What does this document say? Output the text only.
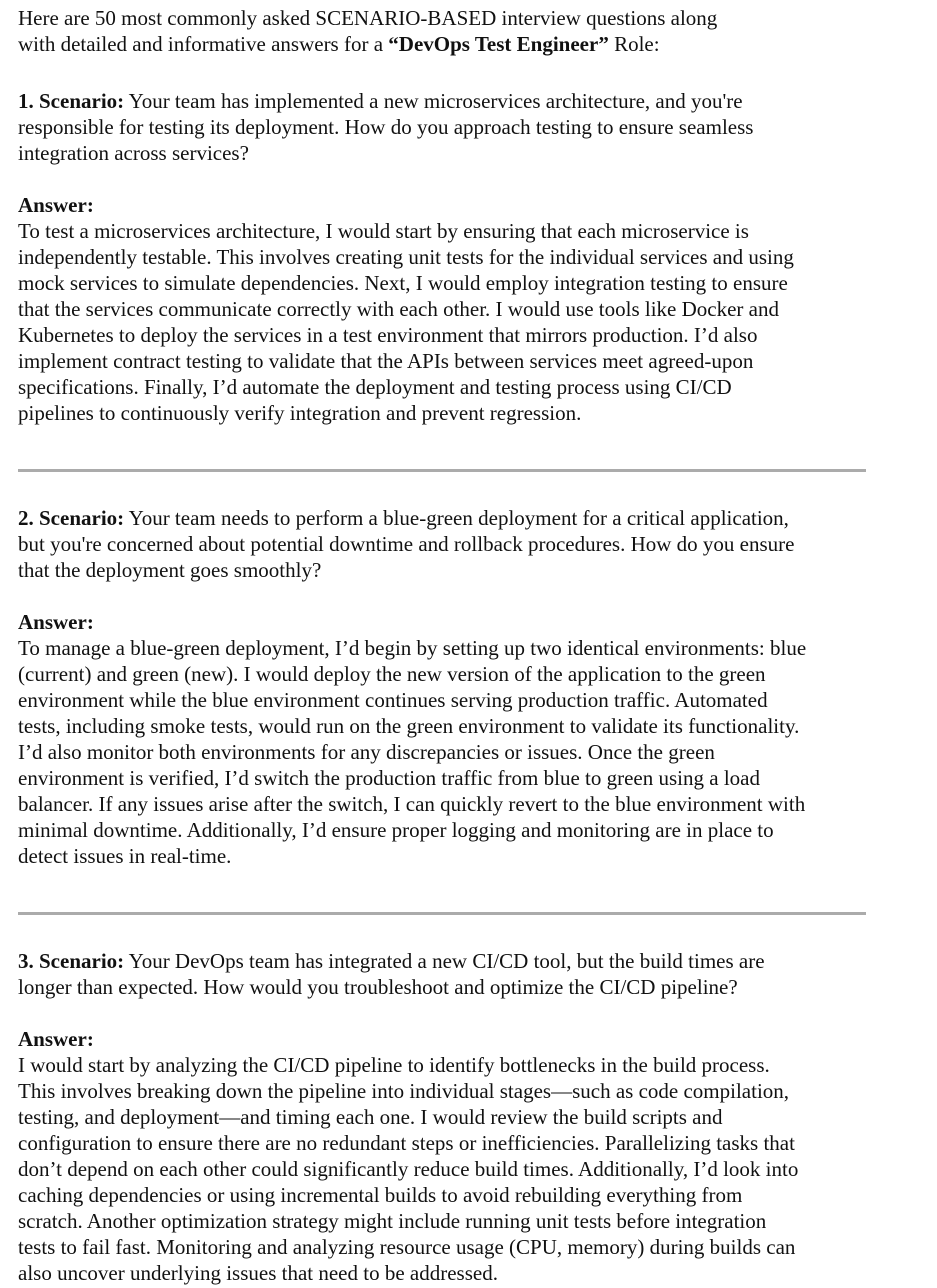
Here are 50 most commonly asked SCENARIO-BASED interview questions along
with detailed and informative answers for a “DevOps Test Engineer” Role:
1. Scenario: Your team has implemented a new microservices architecture, and you're
responsible for testing its deployment. How do you approach testing to ensure seamless
integration across services?
Answer:
To test a microservices architecture, I would start by ensuring that each microservice is
independently testable. This involves creating unit tests for the individual services and using
mock services to simulate dependencies. Next, I would employ integration testing to ensure
that the services communicate correctly with each other. I would use tools like Docker and
Kubernetes to deploy the services in a test environment that mirrors production. I’d also
implement contract testing to validate that the APIs between services meet agreed-upon
specifications. Finally, I’d automate the deployment and testing process using CI/CD
pipelines to continuously verify integration and prevent regression.
2. Scenario: Your team needs to perform a blue-green deployment for a critical application,
but you're concerned about potential downtime and rollback procedures. How do you ensure
that the deployment goes smoothly?
Answer:
To manage a blue-green deployment, I’d begin by setting up two identical environments: blue
(current) and green (new). I would deploy the new version of the application to the green
environment while the blue environment continues serving production traffic. Automated
tests, including smoke tests, would run on the green environment to validate its functionality.
I’d also monitor both environments for any discrepancies or issues. Once the green
environment is verified, I’d switch the production traffic from blue to green using a load
balancer. If any issues arise after the switch, I can quickly revert to the blue environment with
minimal downtime. Additionally, I’d ensure proper logging and monitoring are in place to
detect issues in real-time.
3. Scenario: Your DevOps team has integrated a new CI/CD tool, but the build times are
longer than expected. How would you troubleshoot and optimize the CI/CD pipeline?
Answer:
I would start by analyzing the CI/CD pipeline to identify bottlenecks in the build process.
This involves breaking down the pipeline into individual stages—such as code compilation,
testing, and deployment—and timing each one. I would review the build scripts and
configuration to ensure there are no redundant steps or inefficiencies. Parallelizing tasks that
don’t depend on each other could significantly reduce build times. Additionally, I’d look into
caching dependencies or using incremental builds to avoid rebuilding everything from
scratch. Another optimization strategy might include running unit tests before integration
tests to fail fast. Monitoring and analyzing resource usage (CPU, memory) during builds can
also uncover underlying issues that need to be addressed.
